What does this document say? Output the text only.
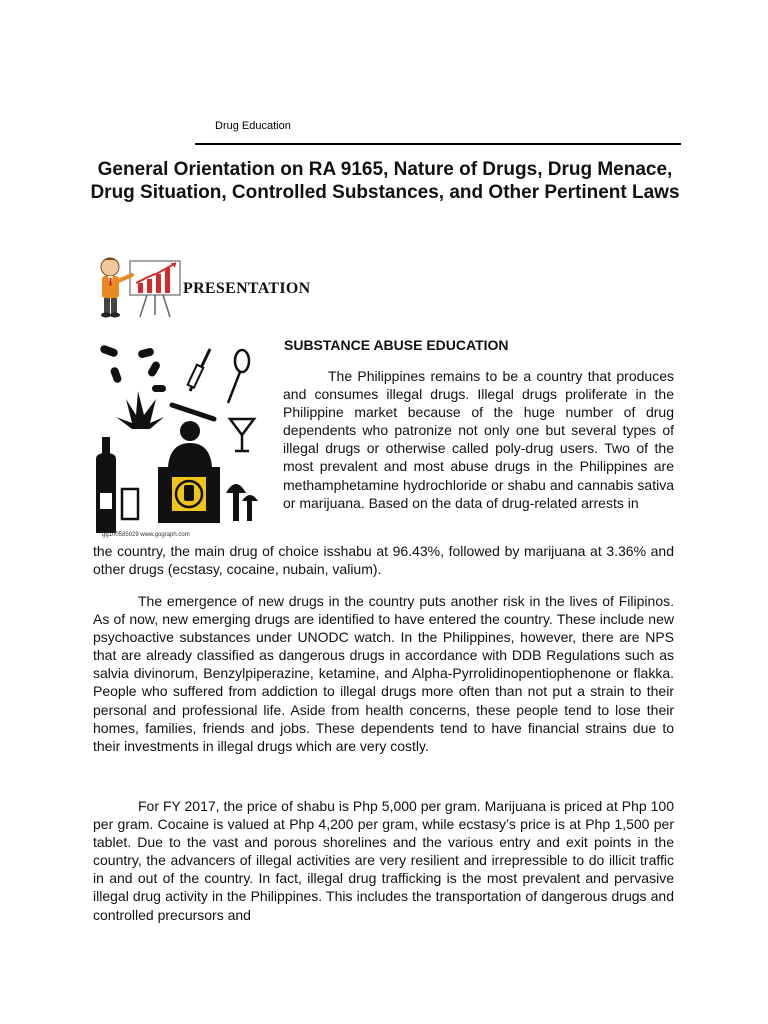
Drug Education
General Orientation on RA 9165, Nature of Drugs, Drug Menace, Drug Situation, Controlled Substances, and Other Pertinent Laws
PRESENTATION
gg100585029 www.gograph.com
SUBSTANCE ABUSE EDUCATION
The Philippines remains to be a country that produces and consumes illegal drugs. Illegal drugs proliferate in the Philippine market because of the huge number of drug dependents who patronize not only one but several types of illegal drugs or otherwise called poly-drug users. Two of the most prevalent and most abuse drugs in the Philippines are methamphetamine hydrochloride or shabu and cannabis sativa or marijuana. Based on the data of drug-related arrests in
the country, the main drug of choice isshabu at 96.43%, followed by marijuana at 3.36% and other drugs (ecstasy, cocaine, nubain, valium).
The emergence of new drugs in the country puts another risk in the lives of Filipinos. As of now, new emerging drugs are identified to have entered the country. These include new psychoactive substances under UNODC watch. In the Philippines, however, there are NPS that are already classified as dangerous drugs in accordance with DDB Regulations such as salvia divinorum, Benzylpiperazine, ketamine, and Alpha-Pyrrolidinopentiophenone or flakka. People who suffered from addiction to illegal drugs more often than not put a strain to their personal and professional life. Aside from health concerns, these people tend to lose their homes, families, friends and jobs. These dependents tend to have financial strains due to their investments in illegal drugs which are very costly.
For FY 2017, the price of shabu is Php 5,000 per gram. Marijuana is priced at Php 100 per gram. Cocaine is valued at Php 4,200 per gram, while ecstasy’s price is at Php 1,500 per tablet. Due to the vast and porous shorelines and the various entry and exit points in the country, the advancers of illegal activities are very resilient and irrepressible to do illicit traffic in and out of the country. In fact, illegal drug trafficking is the most prevalent and pervasive illegal drug activity in the Philippines. This includes the transportation of dangerous drugs and controlled precursors and
